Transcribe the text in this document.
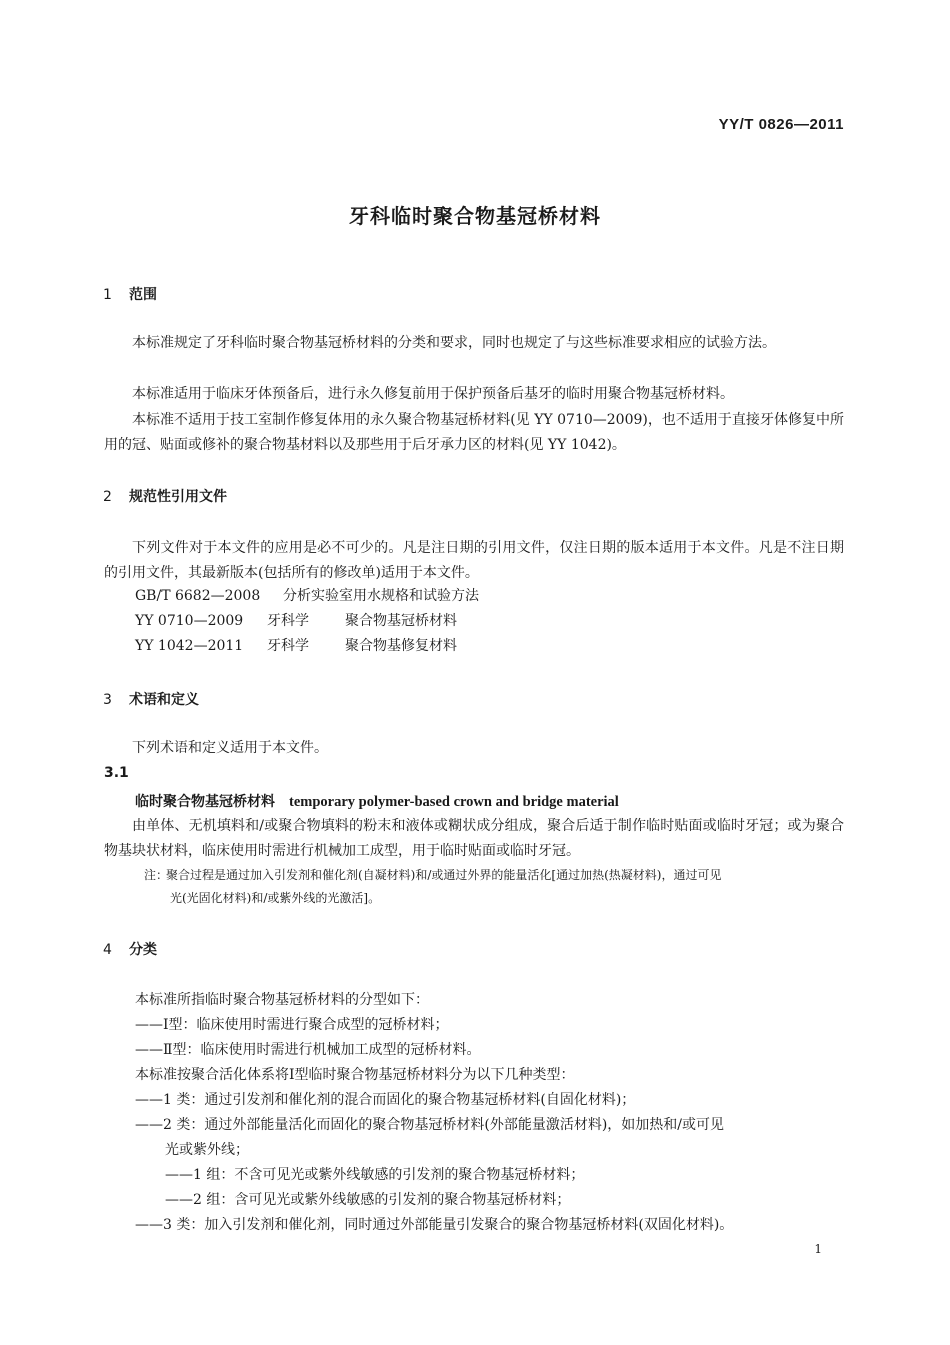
YY/T 0826—2011
牙科临时聚合物基冠桥材料
1 范围
本标准规定了牙科临时聚合物基冠桥材料的分类和要求，同时也规定了与这些标准要求相应的试验方法。
本标准适用于临床牙体预备后，进行永久修复前用于保护预备后基牙的临时用聚合物基冠桥材料。
本标准不适用于技工室制作修复体用的永久聚合物基冠桥材料(见 YY 0710—2009)，也不适用于直接牙体修复中所用的冠、贴面或修补的聚合物基材料以及那些用于后牙承力区的材料(见 YY 1042)。
2 规范性引用文件
下列文件对于本文件的应用是必不可少的。凡是注日期的引用文件，仅注日期的版本适用于本文件。凡是不注日期的引用文件，其最新版本(包括所有的修改单)适用于本文件。
GB/T 6682—2008 分析实验室用水规格和试验方法
YY 0710—2009 牙科学	聚合物基冠桥材料
YY 1042—2011 牙科学	聚合物基修复材料
3 术语和定义
下列术语和定义适用于本文件。
3.1
临时聚合物基冠桥材料 temporary polymer-based crown and bridge material
由单体、无机填料和/或聚合物填料的粉末和液体或糊状成分组成，聚合后适于制作临时贴面或临时牙冠；或为聚合物基块状材料，临床使用时需进行机械加工成型，用于临时贴面或临时牙冠。
注：聚合过程是通过加入引发剂和催化剂(自凝材料)和/或通过外界的能量活化[通过加热(热凝材料)，通过可见
光(光固化材料)和/或紫外线的光激活]。
4 分类
本标准所指临时聚合物基冠桥材料的分型如下：
——Ⅰ型：临床使用时需进行聚合成型的冠桥材料；
——Ⅱ型：临床使用时需进行机械加工成型的冠桥材料。
本标准按聚合活化体系将Ⅰ型临时聚合物基冠桥材料分为以下几种类型：
——1 类：通过引发剂和催化剂的混合而固化的聚合物基冠桥材料(自固化材料)；
——2 类：通过外部能量活化而固化的聚合物基冠桥材料(外部能量激活材料)，如加热和/或可见
光或紫外线；
——1 组：不含可见光或紫外线敏感的引发剂的聚合物基冠桥材料；
——2 组：含可见光或紫外线敏感的引发剂的聚合物基冠桥材料；
——3 类：加入引发剂和催化剂，同时通过外部能量引发聚合的聚合物基冠桥材料(双固化材料)。
1
